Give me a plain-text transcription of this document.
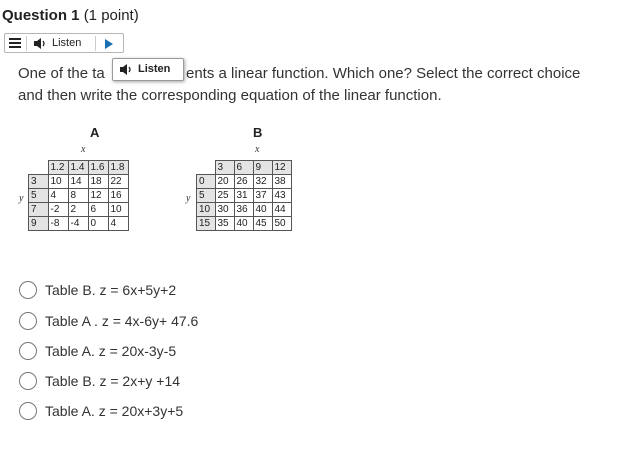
Question 1 (1 point)
Listen
One of the ta	ents a linear function. Which one? Select the correct choice
and then write the corresponding equation of the linear function.
Listen
A
x
y
	1.2	1.4	1.6	1.8
3	10	14	18	22
5	4	8	12	16
7	-2	2	6	10
9	-8	-4	0	4
B
x
y
	3	6	9	12
0	20	26	32	38
5	25	31	37	43
10	30	36	40	44
15	35	40	45	50
Table B. z = 6x+5y+2
Table A . z = 4x-6y+ 47.6
Table A. z = 20x-3y-5
Table B. z = 2x+y +14
Table A. z = 20x+3y+5
